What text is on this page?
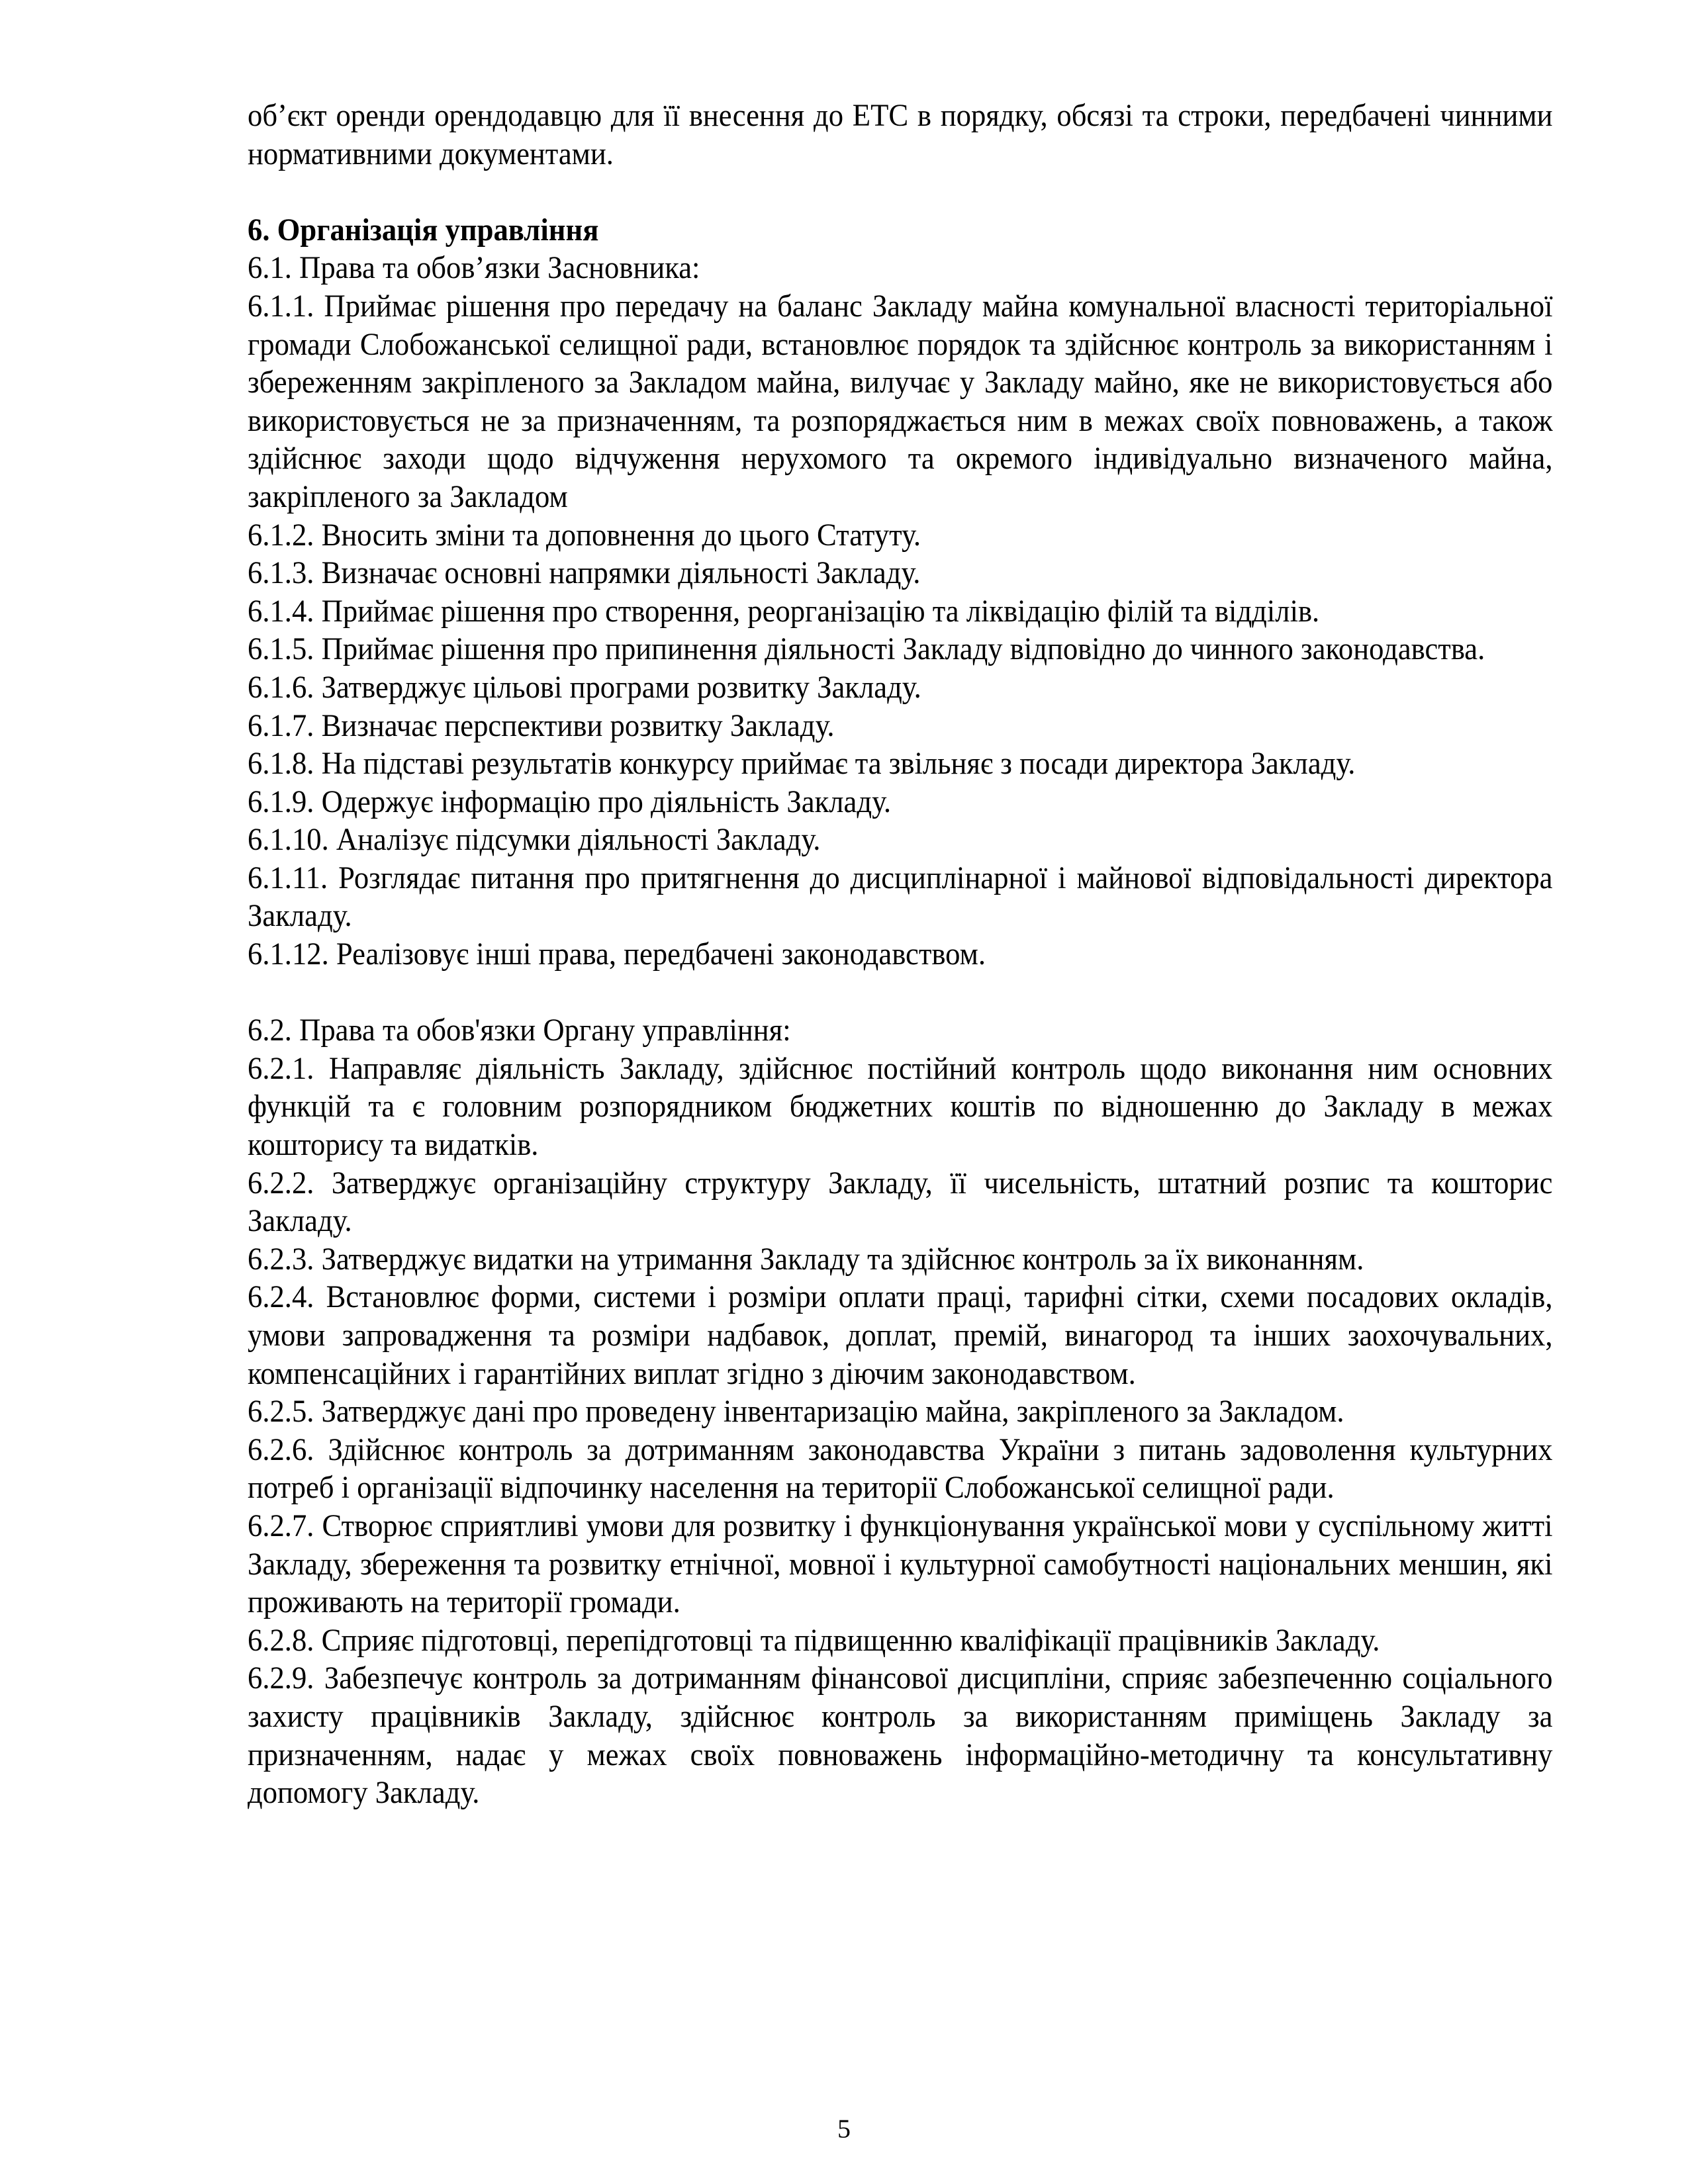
об’єкт оренди орендодавцю для її внесення до ЕТС в порядку, обсязі та строки, передбачені чинними нормативними документами.

6. Організація управління

6.1. Права та обов’язки Засновника:

6.1.1. Приймає рішення про передачу на баланс Закладу майна комунальної власності територіальної громади Слобожанської селищної ради, встановлює порядок та здійснює контроль за використанням і збереженням закріпленого за Закладом майна, вилучає у Закладу майно, яке не використовується або використовується не за призначенням, та розпоряджається ним в межах своїх повноважень, а також здійснює заходи щодо відчуження нерухомого та окремого індивідуально визначеного майна, закріпленого за Закладом

6.1.2. Вносить зміни та доповнення до цього Статуту.

6.1.3. Визначає основні напрямки діяльності Закладу.

6.1.4. Приймає рішення про створення, реорганізацію та ліквідацію філій та відділів.

6.1.5. Приймає рішення про припинення діяльності Закладу відповідно до чинного законодавства.

6.1.6. Затверджує цільові програми розвитку Закладу.

6.1.7. Визначає перспективи розвитку Закладу.

6.1.8. На підставі результатів конкурсу приймає та звільняє з посади директора Закладу.

6.1.9. Одержує інформацію про діяльність Закладу.

6.1.10. Аналізує підсумки діяльності Закладу.

6.1.11. Розглядає питання про притягнення до дисциплінарної і майнової відповідальності директора Закладу.

6.1.12. Реалізовує інші права, передбачені законодавством.

6.2. Права та обов'язки Органу управління:

6.2.1. Направляє діяльність Закладу, здійснює постійний контроль щодо виконання ним основних функцій та є головним розпорядником бюджетних коштів по відношенню до Закладу в межах кошторису та видатків.

6.2.2. Затверджує організаційну структуру Закладу, її чисельність, штатний розпис та кошторис Закладу.

6.2.3. Затверджує видатки на утримання Закладу та здійснює контроль за їх виконанням.

6.2.4. Встановлює форми, системи і розміри оплати праці, тарифні сітки, схеми посадових окладів, умови запровадження та розміри надбавок, доплат, премій, винагород та інших заохочувальних, компенсаційних і гарантійних виплат згідно з діючим законодавством.

6.2.5. Затверджує дані про проведену інвентаризацію майна, закріпленого за Закладом.

6.2.6. Здійснює контроль за дотриманням законодавства України з питань задоволення культурних потреб і організації відпочинку населення на території Слобожанської селищної ради.

6.2.7. Створює сприятливі умови для розвитку і функціонування української мови у суспільному житті Закладу, збереження та розвитку етнічної, мовної і культурної самобутності національних меншин, які проживають на території громади.

6.2.8. Сприяє підготовці, перепідготовці та підвищенню кваліфікації працівників Закладу.

6.2.9. Забезпечує контроль за дотриманням фінансової дисципліни, сприяє забезпеченню соціального захисту працівників Закладу, здійснює контроль за використанням приміщень Закладу за призначенням, надає у межах своїх повноважень інформаційно-методичну та консультативну допомогу Закладу.

5
